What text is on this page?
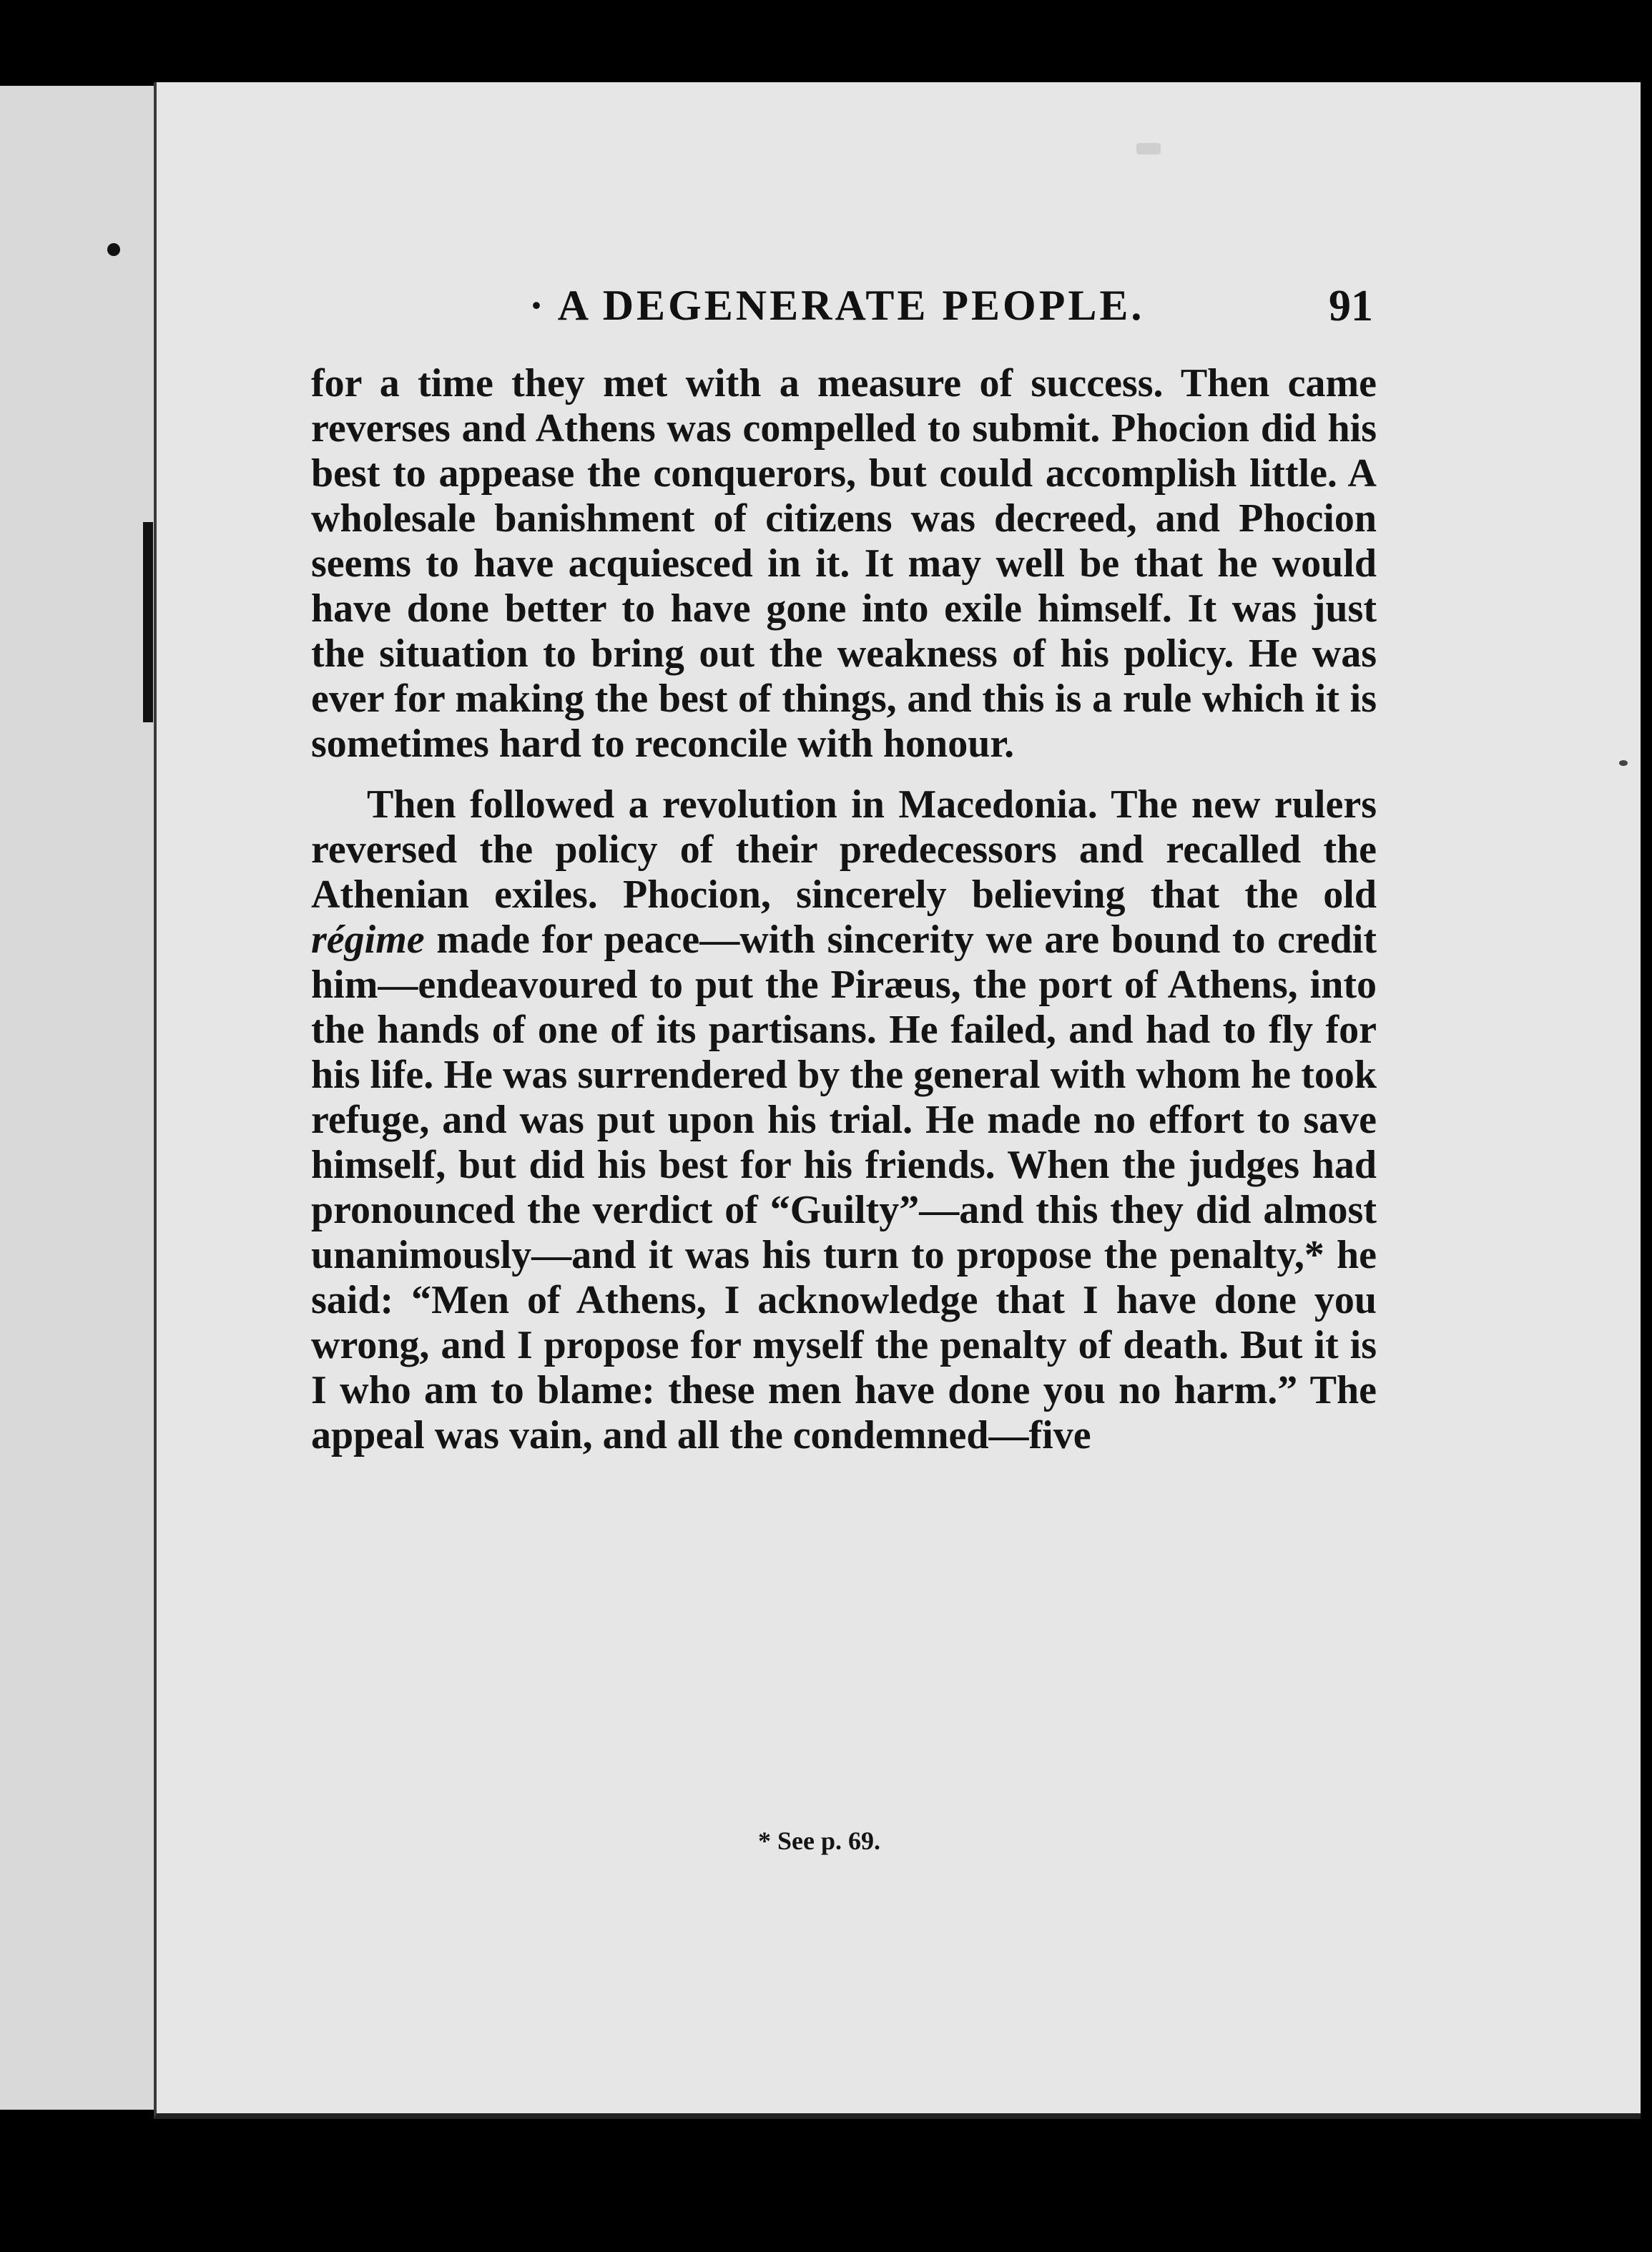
· A DEGENERATE PEOPLE.	91

for a time they met with a measure of success. Then came reverses and Athens was compelled to submit. Phocion did his best to appease the conquerors, but could accomplish little. A wholesale banishment of citizens was decreed, and Phocion seems to have acquiesced in it. It may well be that he would have done better to have gone into exile himself. It was just the situation to bring out the weakness of his policy. He was ever for making the best of things, and this is a rule which it is sometimes hard to reconcile with honour.

Then followed a revolution in Macedonia. The new rulers reversed the policy of their predecessors and recalled the Athenian exiles. Phocion, sincerely believing that the old régime made for peace—with sincerity we are bound to credit him—endeavoured to put the Piræus, the port of Athens, into the hands of one of its partisans. He failed, and had to fly for his life. He was surrendered by the general with whom he took refuge, and was put upon his trial. He made no effort to save himself, but did his best for his friends. When the judges had pronounced the verdict of “Guilty”—and this they did almost unanimously—and it was his turn to propose the penalty,* he said: “Men of Athens, I acknowledge that I have done you wrong, and I propose for myself the penalty of death. But it is I who am to blame: these men have done you no harm.” The appeal was vain, and all the condemned—five

* See p. 69.
